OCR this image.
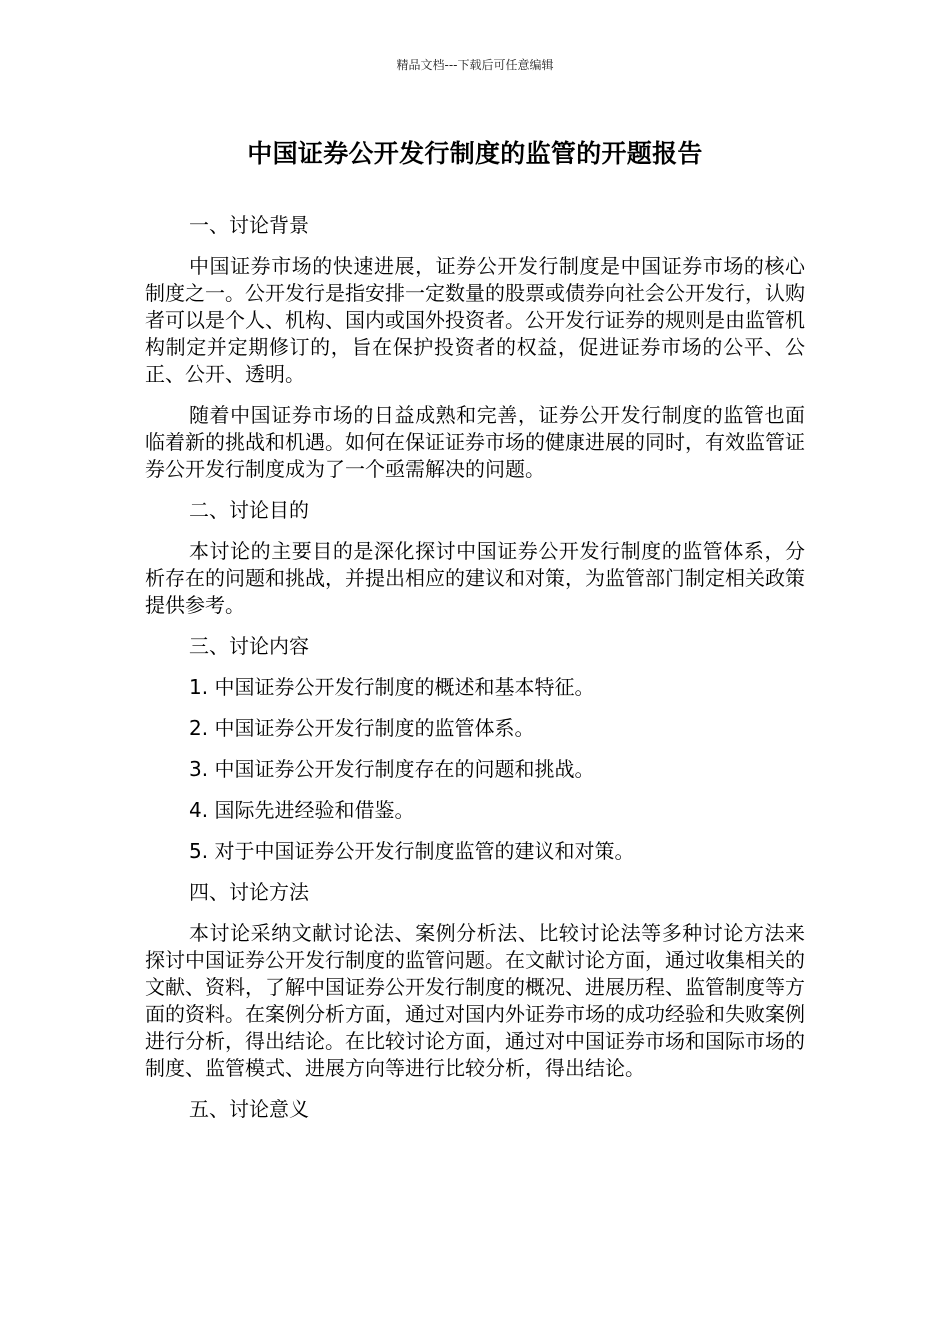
精品文档---下载后可任意编辑
中国证券公开发行制度的监管的开题报告
一、讨论背景
中国证券市场的快速进展，证券公开发行制度是中国证券市场的核心制度之一。公开发行是指安排一定数量的股票或债券向社会公开发行，认购者可以是个人、机构、国内或国外投资者。公开发行证券的规则是由监管机构制定并定期修订的，旨在保护投资者的权益，促进证券市场的公平、公正、公开、透明。
随着中国证券市场的日益成熟和完善，证券公开发行制度的监管也面临着新的挑战和机遇。如何在保证证券市场的健康进展的同时，有效监管证券公开发行制度成为了一个亟需解决的问题。
二、讨论目的
本讨论的主要目的是深化探讨中国证券公开发行制度的监管体系，分析存在的问题和挑战，并提出相应的建议和对策，为监管部门制定相关政策提供参考。
三、讨论内容
1. 中国证券公开发行制度的概述和基本特征。
2. 中国证券公开发行制度的监管体系。
3. 中国证券公开发行制度存在的问题和挑战。
4. 国际先进经验和借鉴。
5. 对于中国证券公开发行制度监管的建议和对策。
四、讨论方法
本讨论采纳文献讨论法、案例分析法、比较讨论法等多种讨论方法来探讨中国证券公开发行制度的监管问题。在文献讨论方面，通过收集相关的文献、资料，了解中国证券公开发行制度的概况、进展历程、监管制度等方面的资料。在案例分析方面，通过对国内外证券市场的成功经验和失败案例进行分析，得出结论。在比较讨论方面，通过对中国证券市场和国际市场的制度、监管模式、进展方向等进行比较分析，得出结论。
五、讨论意义
